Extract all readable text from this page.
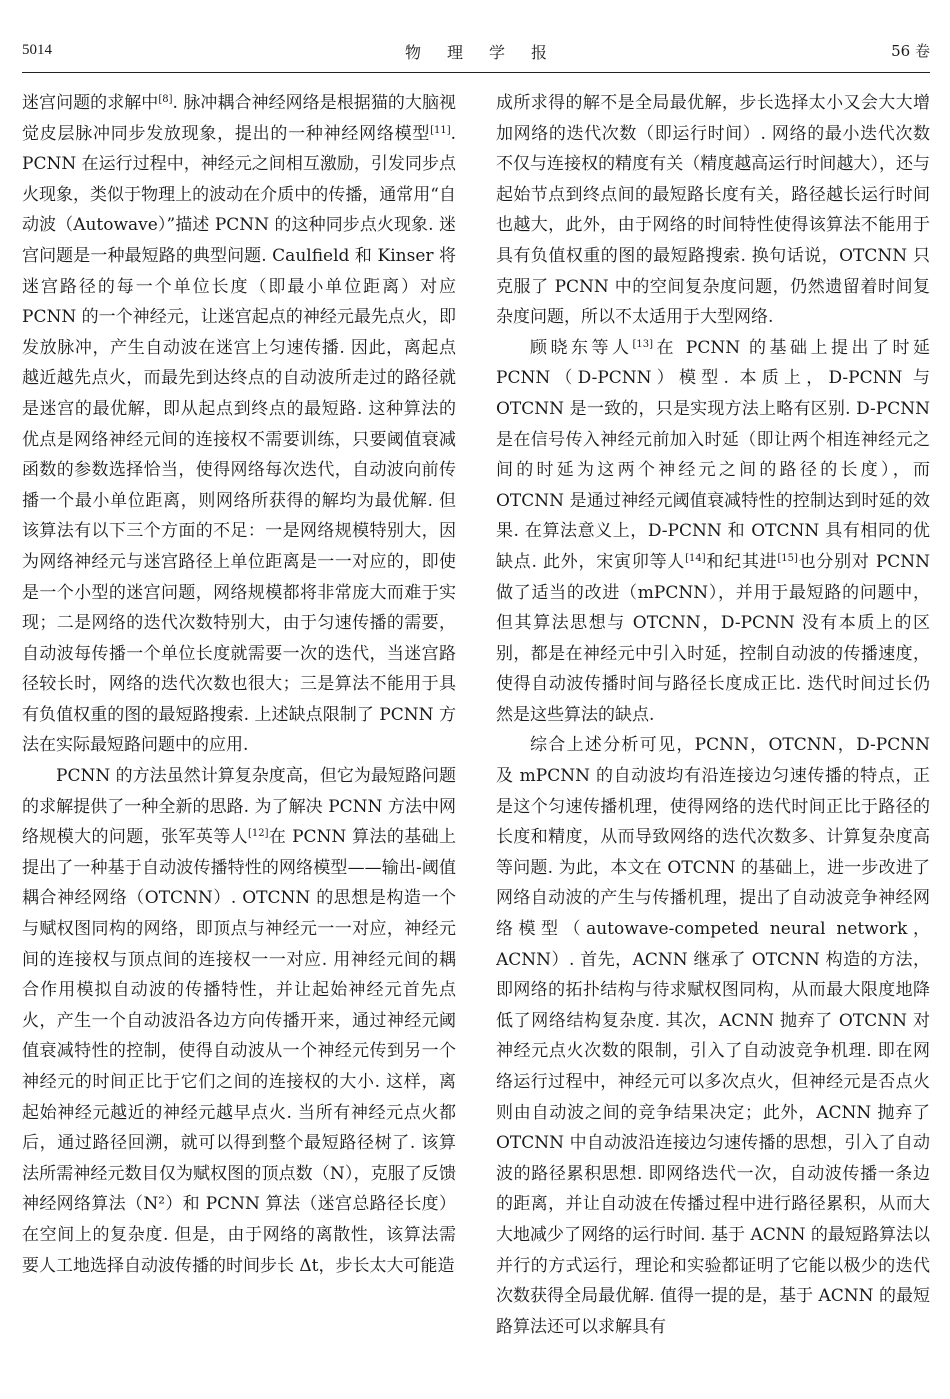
5014	物理学报	56 卷

迷宫问题的求解中[8]. 脉冲耦合神经网络是根据猫的大脑视觉皮层脉冲同步发放现象，提出的一种神经网络模型[11]. PCNN 在运行过程中，神经元之间相互激励，引发同步点火现象，类似于物理上的波动在介质中的传播，通常用“自动波（Autowave）”描述 PCNN 的这种同步点火现象. 迷宫问题是一种最短路的典型问题. Caulfield 和 Kinser 将迷宫路径的每一个单位长度（即最小单位距离）对应 PCNN 的一个神经元，让迷宫起点的神经元最先点火，即发放脉冲，产生自动波在迷宫上匀速传播. 因此，离起点越近越先点火，而最先到达终点的自动波所走过的路径就是迷宫的最优解，即从起点到终点的最短路. 这种算法的优点是网络神经元间的连接权不需要训练，只要阈值衰减函数的参数选择恰当，使得网络每次迭代，自动波向前传播一个最小单位距离，则网络所获得的解均为最优解. 但该算法有以下三个方面的不足：一是网络规模特别大，因为网络神经元与迷宫路径上单位距离是一一对应的，即使是一个小型的迷宫问题，网络规模都将非常庞大而难于实现；二是网络的迭代次数特别大，由于匀速传播的需要，自动波每传播一个单位长度就需要一次的迭代，当迷宫路径较长时，网络的迭代次数也很大；三是算法不能用于具有负值权重的图的最短路搜索. 上述缺点限制了 PCNN 方法在实际最短路问题中的应用.

PCNN 的方法虽然计算复杂度高，但它为最短路问题的求解提供了一种全新的思路. 为了解决 PCNN 方法中网络规模大的问题，张军英等人[12]在 PCNN 算法的基础上提出了一种基于自动波传播特性的网络模型——输出-阈值耦合神经网络（OTCNN）. OTCNN 的思想是构造一个与赋权图同构的网络，即顶点与神经元一一对应，神经元间的连接权与顶点间的连接权一一对应. 用神经元间的耦合作用模拟自动波的传播特性，并让起始神经元首先点火，产生一个自动波沿各边方向传播开来，通过神经元阈值衰减特性的控制，使得自动波从一个神经元传到另一个神经元的时间正比于它们之间的连接权的大小. 这样，离起始神经元越近的神经元越早点火. 当所有神经元点火都后，通过路径回溯，就可以得到整个最短路径树了. 该算法所需神经元数目仅为赋权图的顶点数（N），克服了反馈神经网络算法（N²）和 PCNN 算法（迷宫总路径长度）在空间上的复杂度. 但是，由于网络的离散性，该算法需要人工地选择自动波传播的时间步长 Δt，步长太大可能造

成所求得的解不是全局最优解，步长选择太小又会大大增加网络的迭代次数（即运行时间）. 网络的最小迭代次数不仅与连接权的精度有关（精度越高运行时间越大），还与起始节点到终点间的最短路长度有关，路径越长运行时间也越大，此外，由于网络的时间特性使得该算法不能用于具有负值权重的图的最短路搜索. 换句话说，OTCNN 只克服了 PCNN 中的空间复杂度问题，仍然遗留着时间复杂度问题，所以不太适用于大型网络.

顾晓东等人[13]在 PCNN 的基础上提出了时延 PCNN（D-PCNN）模型. 本质上，D-PCNN 与 OTCNN 是一致的，只是实现方法上略有区别. D-PCNN 是在信号传入神经元前加入时延（即让两个相连神经元之间的时延为这两个神经元之间的路径的长度），而 OTCNN 是通过神经元阈值衰减特性的控制达到时延的效果. 在算法意义上，D-PCNN 和 OTCNN 具有相同的优缺点. 此外，宋寅卯等人[14]和纪其进[15]也分别对 PCNN 做了适当的改进（mPCNN），并用于最短路的问题中，但其算法思想与 OTCNN，D-PCNN 没有本质上的区别，都是在神经元中引入时延，控制自动波的传播速度，使得自动波传播时间与路径长度成正比. 迭代时间过长仍然是这些算法的缺点.

综合上述分析可见，PCNN，OTCNN，D-PCNN 及 mPCNN 的自动波均有沿连接边匀速传播的特点，正是这个匀速传播机理，使得网络的迭代时间正比于路径的长度和精度，从而导致网络的迭代次数多、计算复杂度高等问题. 为此，本文在 OTCNN 的基础上，进一步改进了网络自动波的产生与传播机理，提出了自动波竞争神经网络模型（autowave-competed neural network，ACNN）. 首先，ACNN 继承了 OTCNN 构造的方法，即网络的拓扑结构与待求赋权图同构，从而最大限度地降低了网络结构复杂度. 其次，ACNN 抛弃了 OTCNN 对神经元点火次数的限制，引入了自动波竞争机理. 即在网络运行过程中，神经元可以多次点火，但神经元是否点火则由自动波之间的竞争结果决定；此外，ACNN 抛弃了 OTCNN 中自动波沿连接边匀速传播的思想，引入了自动波的路径累积思想. 即网络迭代一次，自动波传播一条边的距离，并让自动波在传播过程中进行路径累积，从而大大地减少了网络的运行时间. 基于 ACNN 的最短路算法以并行的方式运行，理论和实验都证明了它能以极少的迭代次数获得全局最优解. 值得一提的是，基于 ACNN 的最短路算法还可以求解具有
